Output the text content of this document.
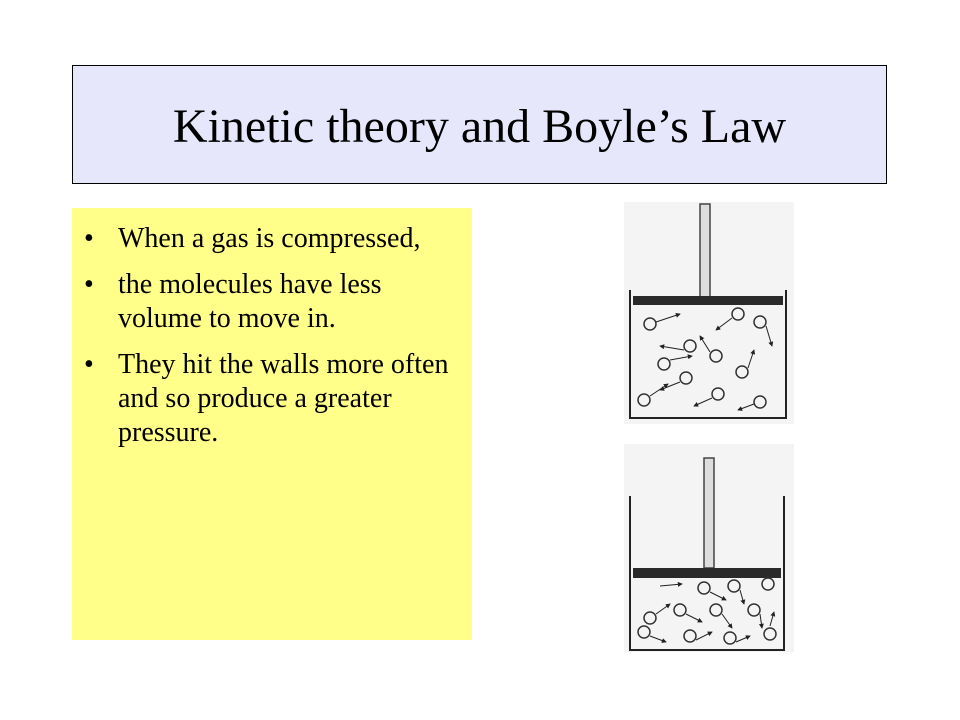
Kinetic theory and Boyle’s Law
• When a gas is compressed,
• the molecules have less volume to move in.
• They hit the walls more often and so produce a greater pressure.
